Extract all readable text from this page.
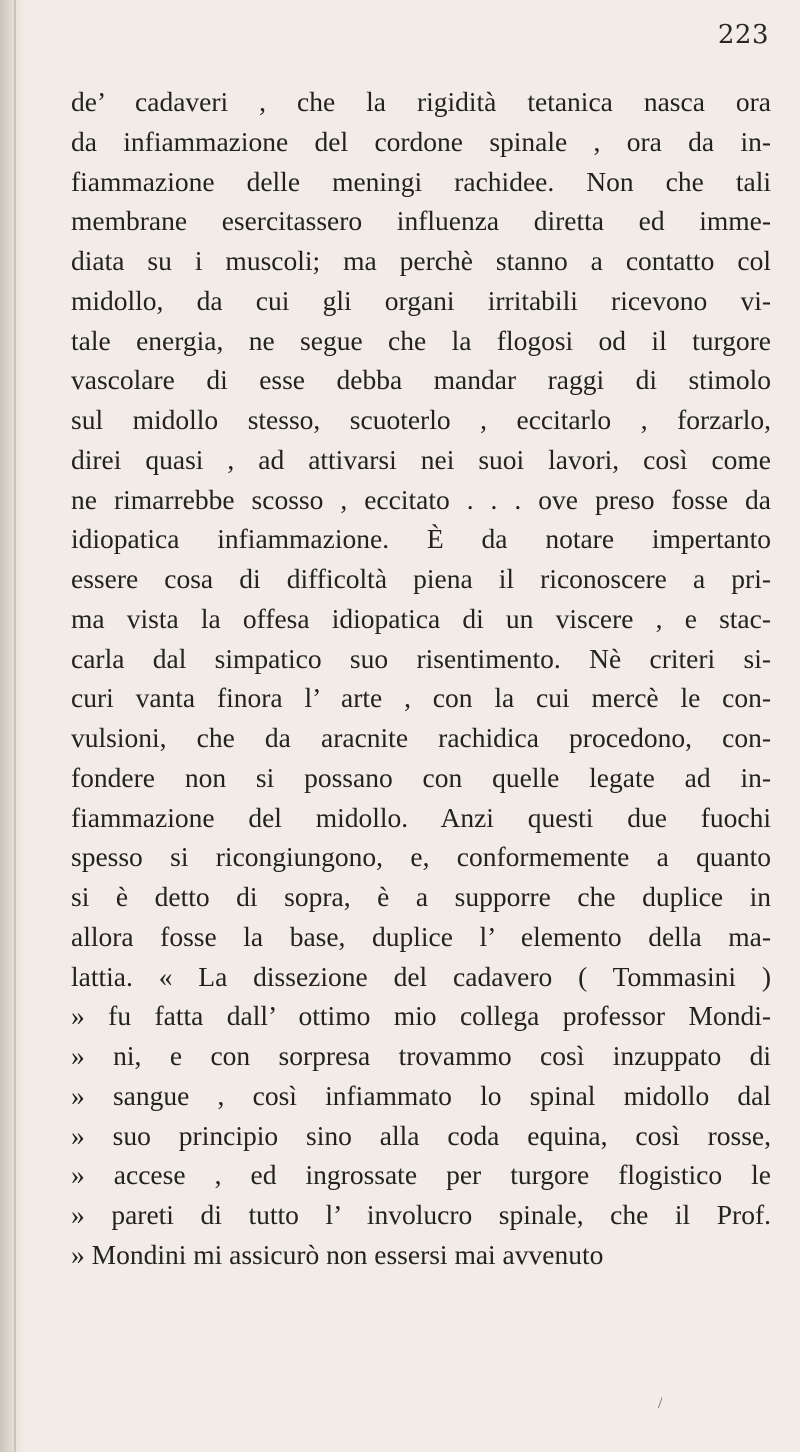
223
de’ cadaveri , che la rigidità tetanica nasca ora
da infiammazione del cordone spinale , ora da in-
fiammazione delle meningi rachidee. Non che tali
membrane esercitassero influenza diretta ed imme-
diata su i muscoli; ma perchè stanno a contatto col
midollo, da cui gli organi irritabili ricevono vi-
tale energia, ne segue che la flogosi od il turgore
vascolare di esse debba mandar raggi di stimolo
sul midollo stesso, scuoterlo , eccitarlo , forzarlo,
direi quasi , ad attivarsi nei suoi lavori, così come
ne rimarrebbe scosso , eccitato . . . ove preso fosse da
idiopatica infiammazione. È da notare impertanto
essere cosa di difficoltà piena il riconoscere a pri-
ma vista la offesa idiopatica di un viscere , e stac-
carla dal simpatico suo risentimento. Nè criteri si-
curi vanta finora l’ arte , con la cui mercè le con-
vulsioni, che da aracnite rachidica procedono, con-
fondere non si possano con quelle legate ad in-
fiammazione del midollo. Anzi questi due fuochi
spesso si ricongiungono, e, conformemente a quanto
si è detto di sopra, è a supporre che duplice in
allora fosse la base, duplice l’ elemento della ma-
lattia. « La dissezione del cadavero ( Tommasini )
» fu fatta dall’ ottimo mio collega professor Mondi-
» ni, e con sorpresa trovammo così inzuppato di
» sangue , così infiammato lo spinal midollo dal
» suo principio sino alla coda equina, così rosse,
» accese , ed ingrossate per turgore flogistico le
» pareti di tutto l’ involucro spinale, che il Prof.
» Mondini mi assicurò non essersi mai avvenuto
/
